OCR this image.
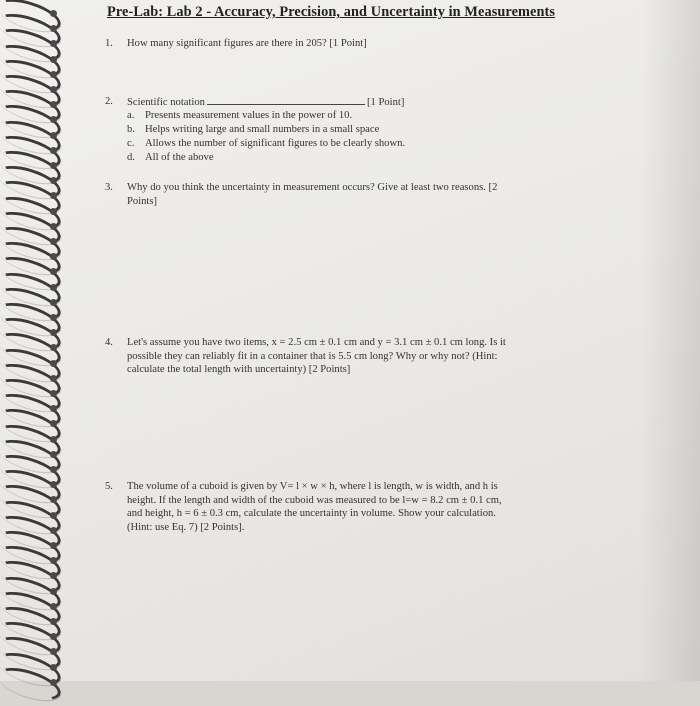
Pre-Lab: Lab 2 - Accuracy, Precision, and Uncertainty in Measurements
1. How many significant figures are there in 205? [1 Point]
2. Scientific notation	[1 Point]
a. Presents measurement values in the power of 10.
b. Helps writing large and small numbers in a small space
c. Allows the number of significant figures to be clearly shown.
d. All of the above
3. Why do you think the uncertainty in measurement occurs? Give at least two reasons. [2
Points]
4. Let's assume you have two items, x = 2.5 cm ± 0.1 cm and y = 3.1 cm ± 0.1 cm long. Is it
possible they can reliably fit in a container that is 5.5 cm long? Why or why not? (Hint:
calculate the total length with uncertainty) [2 Points]
5. The volume of a cuboid is given by V= l × w × h, where l is length, w is width, and h is
height. If the length and width of the cuboid was measured to be l=w = 8.2 cm ± 0.1 cm,
and height, h = 6 ± 0.3 cm, calculate the uncertainty in volume. Show your calculation.
(Hint: use Eq. 7) [2 Points].
